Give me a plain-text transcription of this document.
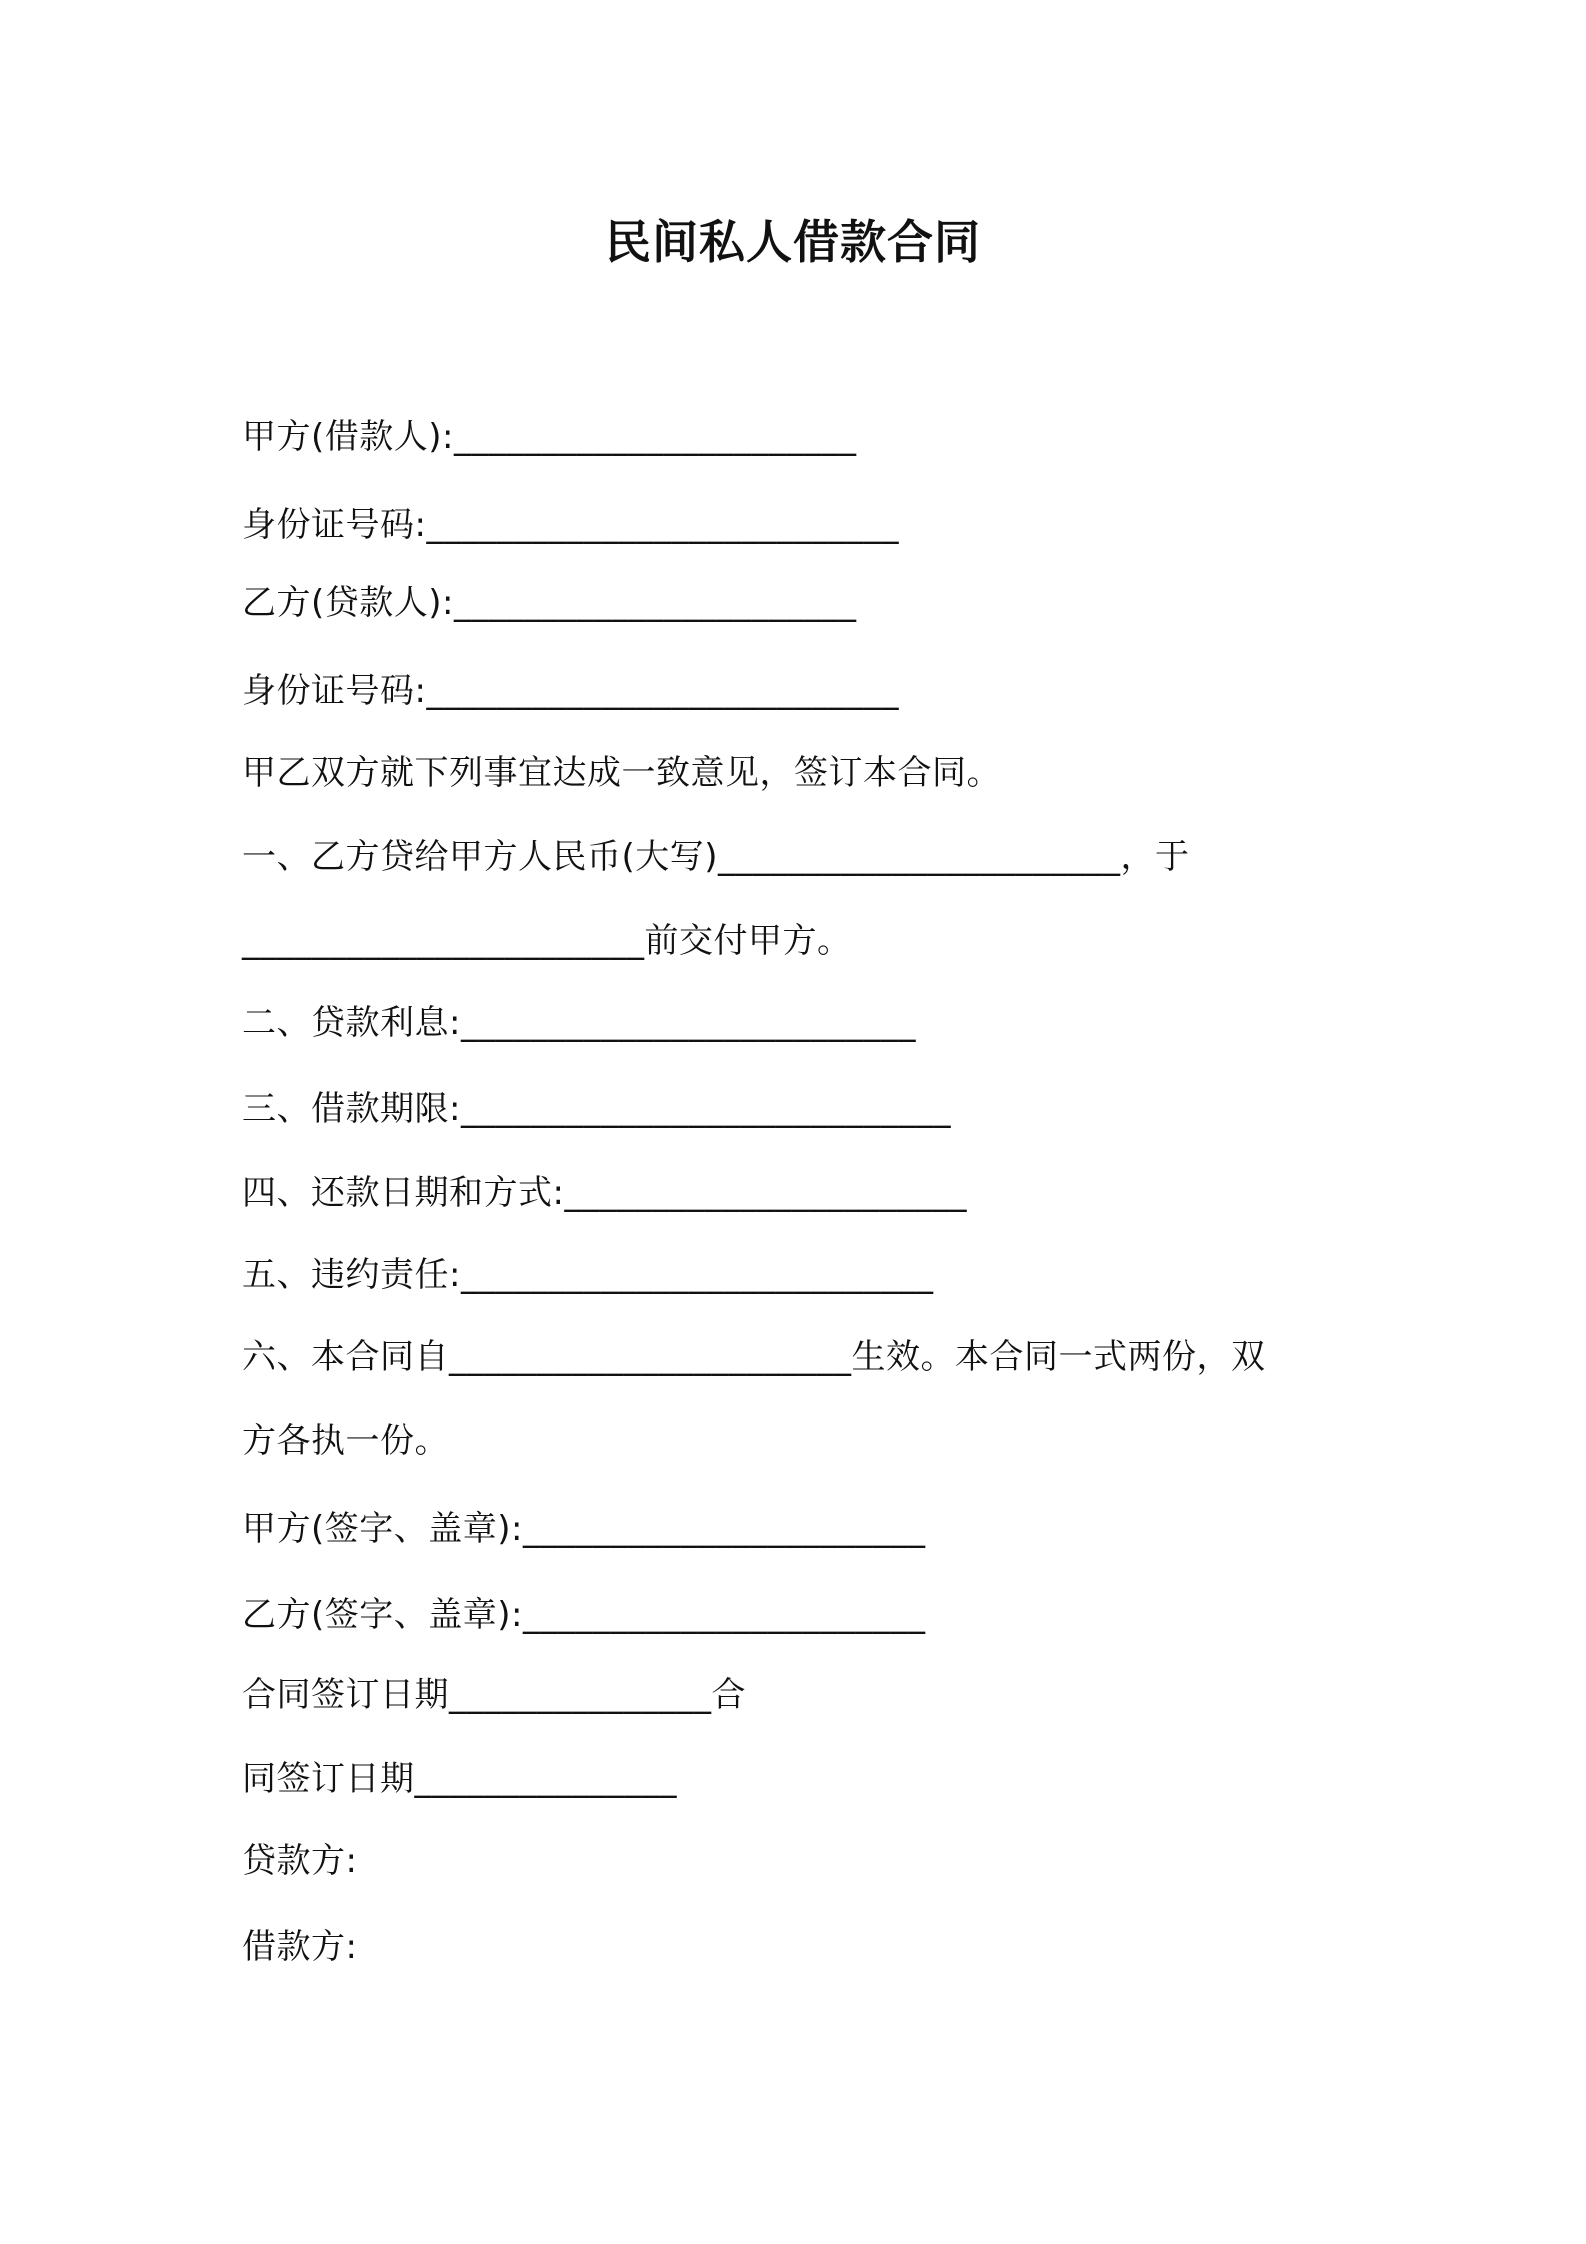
民间私人借款合同
甲方(借款人):_______________________
身份证号码:___________________________
乙方(贷款人):_______________________
身份证号码:___________________________
甲乙双方就下列事宜达成一致意见，签订本合同。
一、乙方贷给甲方人民币(大写)_______________________，于
_______________________前交付甲方。
二、贷款利息:__________________________
三、借款期限:____________________________
四、还款日期和方式:_______________________
五、违约责任:___________________________
六、本合同自_______________________生效。本合同一式两份，双
方各执一份。
甲方(签字、盖章):_______________________
乙方(签字、盖章):_______________________
合同签订日期_______________合
同签订日期_______________
贷款方:
借款方:
